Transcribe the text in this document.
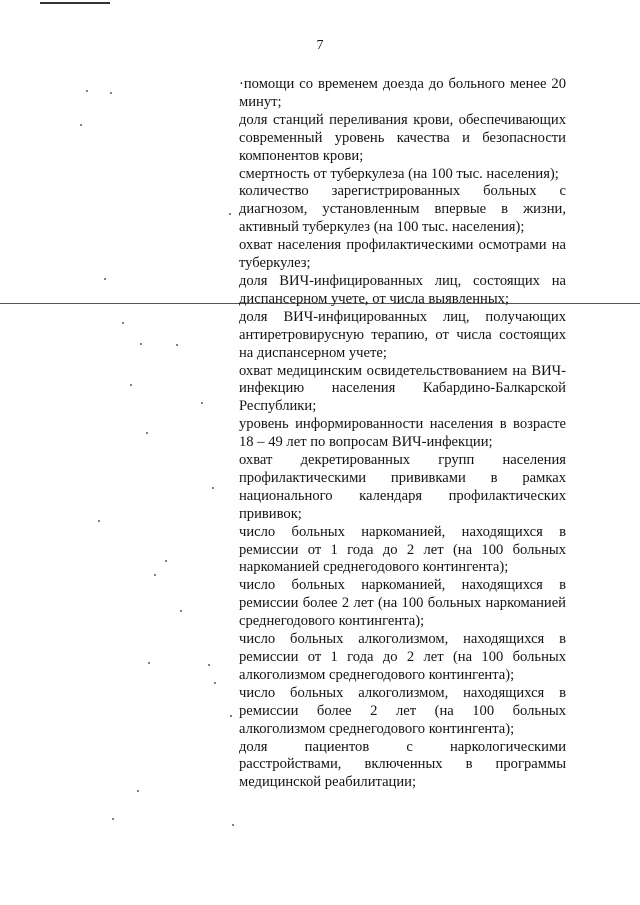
7

·помощи со временем доезда до больного менее 20 минут;

доля станций переливания крови, обеспечивающих современный уровень качества и безопасности компонентов крови;

смертность от туберкулеза (на 100 тыс. населения);

количество зарегистрированных больных с диагнозом, установленным впервые в жизни, активный туберкулез (на 100 тыс. населения);

охват населения профилактическими осмотрами на туберкулез;

доля ВИЧ-инфицированных лиц, состоящих на диспансерном учете, от числа выявленных;

доля ВИЧ-инфицированных лиц, получающих антиретровирусную терапию, от числа состоящих на диспансерном учете;

охват медицинским освидетельствованием на ВИЧ-инфекцию населения Кабардино-Балкарской Республики;

уровень информированности населения в возрасте 18 – 49 лет по вопросам ВИЧ-инфекции;

охват декретированных групп населения профилактическими прививками в рамках национального календаря профилактических прививок;

число больных наркоманией, находящихся в ремиссии от 1 года до 2 лет (на 100 больных наркоманией среднегодового контингента);

число больных наркоманией, находящихся в ремиссии более 2 лет (на 100 больных наркоманией среднегодового контингента);

число больных алкоголизмом, находящихся в ремиссии от 1 года до 2 лет (на 100 больных алкоголизмом среднегодового контингента);

число больных алкоголизмом, находящихся в ремиссии более 2 лет (на 100 больных алкоголизмом среднегодового контингента);

доля пациентов с наркологическими расстройствами, включенных в программы медицинской реабилитации;
